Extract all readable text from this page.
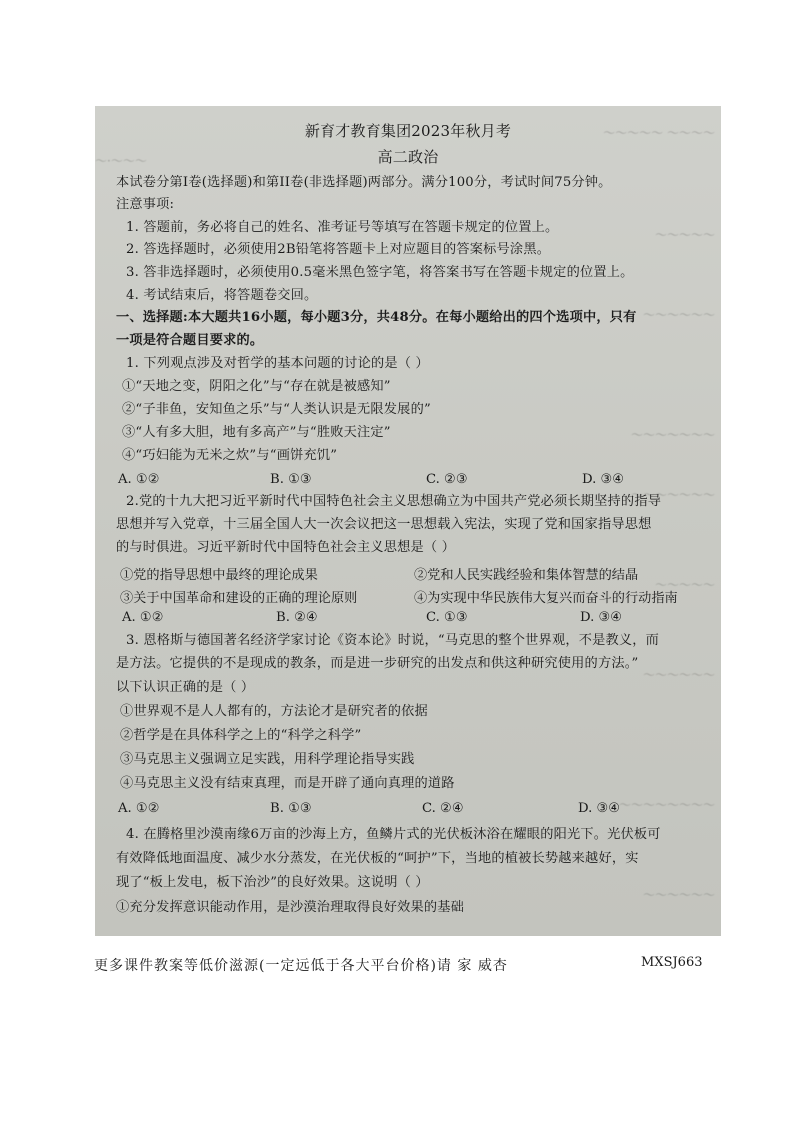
〜〜〜〜〜 〜〜〜〜
〜·〜〜〜
〜〜〜〜〜
〜〜〜〜〜〜
〜〜〜〜〜〜〜
〜〜〜〜〜〜〜
〜〜〜〜〜
〜〜〜〜〜〜
〜〜〜〜〜〜〜〜
〜〜〜〜〜〜
新育才教育集团2023年秋月考
高二政治
本试卷分第I卷(选择题)和第II卷(非选择题)两部分。满分100分，考试时间75分钟。
注意事项:
1. 答题前，务必将自己的姓名、准考证号等填写在答题卡规定的位置上。
2. 答选择题时，必须使用2B铅笔将答题卡上对应题目的答案标号涂黑。
3. 答非选择题时，必须使用0.5毫米黑色签字笔，将答案书写在答题卡规定的位置上。
4. 考试结束后，将答题卷交回。
一、选择题:本大题共16小题，每小题3分，共48分。在每小题给出的四个选项中，只有
一项是符合题目要求的。
1. 下列观点涉及对哲学的基本问题的讨论的是（ ）
①“天地之变，阴阳之化”与“存在就是被感知”
②“子非鱼，安知鱼之乐”与“人类认识是无限发展的”
③“人有多大胆，地有多高产”与“胜败天注定”
④“巧妇能为无米之炊”与“画饼充饥”
A. ①②	B. ①③	C. ②③	D. ③④
2.党的十九大把习近平新时代中国特色社会主义思想确立为中国共产党必须长期坚持的指导
思想并写入党章，十三届全国人大一次会议把这一思想载入宪法，实现了党和国家指导思想
的与时俱进。习近平新时代中国特色社会主义思想是（ ）
①党的指导思想中最终的理论成果	②党和人民实践经验和集体智慧的结晶
③关于中国革命和建设的正确的理论原则	④为实现中华民族伟大复兴而奋斗的行动指南
A. ①②	B. ②④	C. ①③	D. ③④
3. 恩格斯与德国著名经济学家讨论《资本论》时说，“马克思的整个世界观，不是教义，而
是方法。它提供的不是现成的教条，而是进一步研究的出发点和供这种研究使用的方法。”
以下认识正确的是（ ）
①世界观不是人人都有的，方法论才是研究者的依据
②哲学是在具体科学之上的“科学之科学”
③马克思主义强调立足实践，用科学理论指导实践
④马克思主义没有结束真理，而是开辟了通向真理的道路
A. ①②	B. ①③	C. ②④	D. ③④
4. 在腾格里沙漠南缘6万亩的沙海上方，鱼鳞片式的光伏板沐浴在耀眼的阳光下。光伏板可
有效降低地面温度、减少水分蒸发，在光伏板的“呵护”下，当地的植被长势越来越好，实
现了“板上发电，板下治沙”的良好效果。这说明（ ）
①充分发挥意识能动作用，是沙漠治理取得良好效果的基础
更多课件教案等低价滋源(一定远低于各大平台价格)请 家 威杏	MXSJ663
